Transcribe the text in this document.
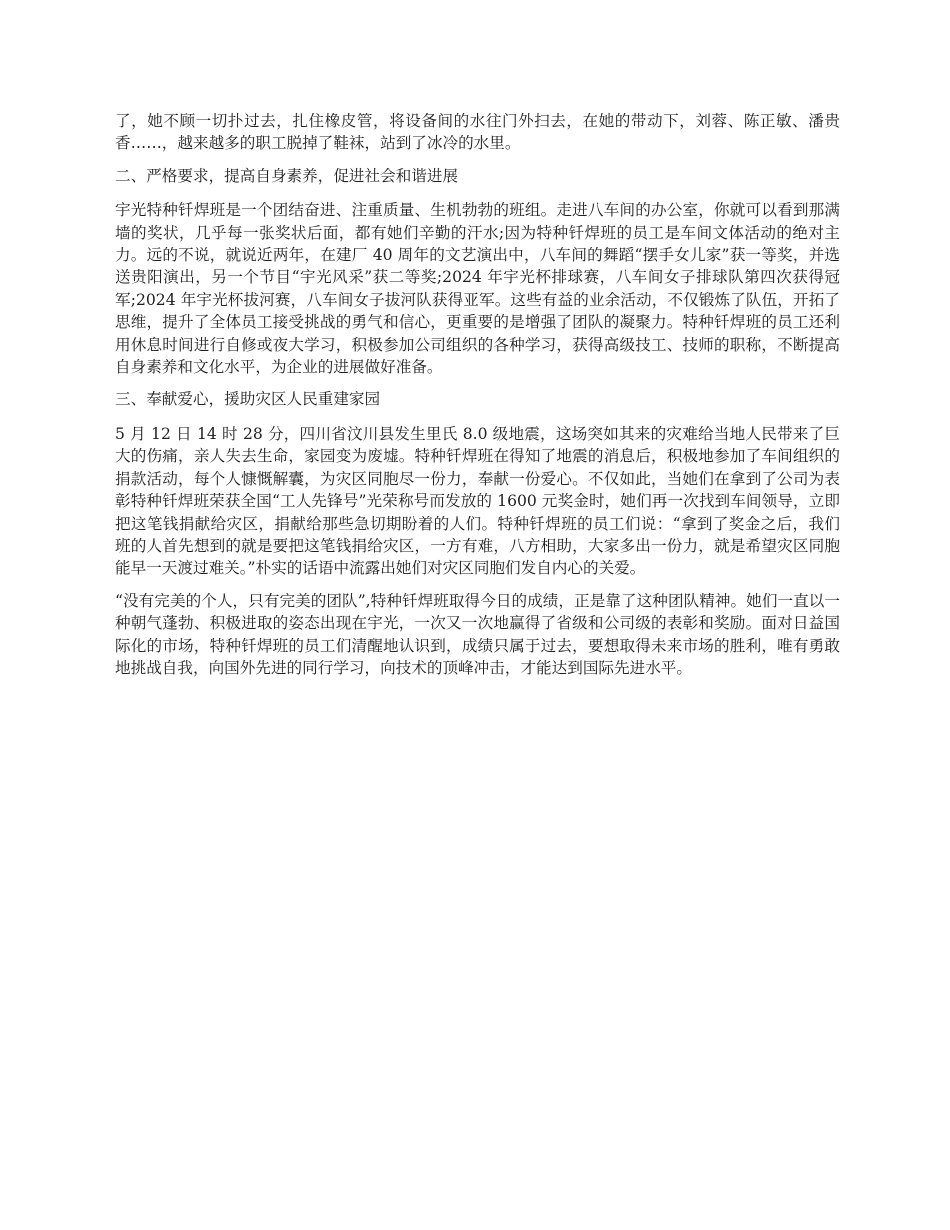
了，她不顾一切扑过去，扎住橡皮管，将设备间的水往门外扫去，在她的带动下，刘蓉、陈正敏、潘贵香……，越来越多的职工脱掉了鞋袜，站到了冰冷的水里。

二、严格要求，提高自身素养，促进社会和谐进展

宇光特种钎焊班是一个团结奋进、注重质量、生机勃勃的班组。走进八车间的办公室，你就可以看到那满墙的奖状，几乎每一张奖状后面，都有她们辛勤的汗水;因为特种钎焊班的员工是车间文体活动的绝对主力。远的不说，就说近两年，在建厂 40 周年的文艺演出中，八车间的舞蹈“摆手女儿家”获一等奖，并选送贵阳演出，另一个节目“宇光风采”获二等奖;2024 年宇光杯排球赛，八车间女子排球队第四次获得冠军;2024 年宇光杯拔河赛，八车间女子拔河队获得亚军。这些有益的业余活动，不仅锻炼了队伍，开拓了思维，提升了全体员工接受挑战的勇气和信心，更重要的是增强了团队的凝聚力。特种钎焊班的员工还利用休息时间进行自修或夜大学习，积极参加公司组织的各种学习，获得高级技工、技师的职称，不断提高自身素养和文化水平，为企业的进展做好准备。

三、奉献爱心，援助灾区人民重建家园

5 月 12 日 14 时 28 分，四川省汶川县发生里氏 8.0 级地震，这场突如其来的灾难给当地人民带来了巨大的伤痛，亲人失去生命，家园变为废墟。特种钎焊班在得知了地震的消息后，积极地参加了车间组织的捐款活动，每个人慷慨解囊，为灾区同胞尽一份力，奉献一份爱心。不仅如此，当她们在拿到了公司为表彰特种钎焊班荣获全国“工人先锋号”光荣称号而发放的 1600 元奖金时，她们再一次找到车间领导，立即把这笔钱捐献给灾区，捐献给那些急切期盼着的人们。特种钎焊班的员工们说：“拿到了奖金之后，我们班的人首先想到的就是要把这笔钱捐给灾区，一方有难，八方相助，大家多出一份力，就是希望灾区同胞能早一天渡过难关。”朴实的话语中流露出她们对灾区同胞们发自内心的关爱。

“没有完美的个人，只有完美的团队”,特种钎焊班取得今日的成绩，正是靠了这种团队精神。她们一直以一种朝气蓬勃、积极进取的姿态出现在宇光，一次又一次地赢得了省级和公司级的表彰和奖励。面对日益国际化的市场，特种钎焊班的员工们清醒地认识到，成绩只属于过去，要想取得未来市场的胜利，唯有勇敢地挑战自我，向国外先进的同行学习，向技术的顶峰冲击，才能达到国际先进水平。
